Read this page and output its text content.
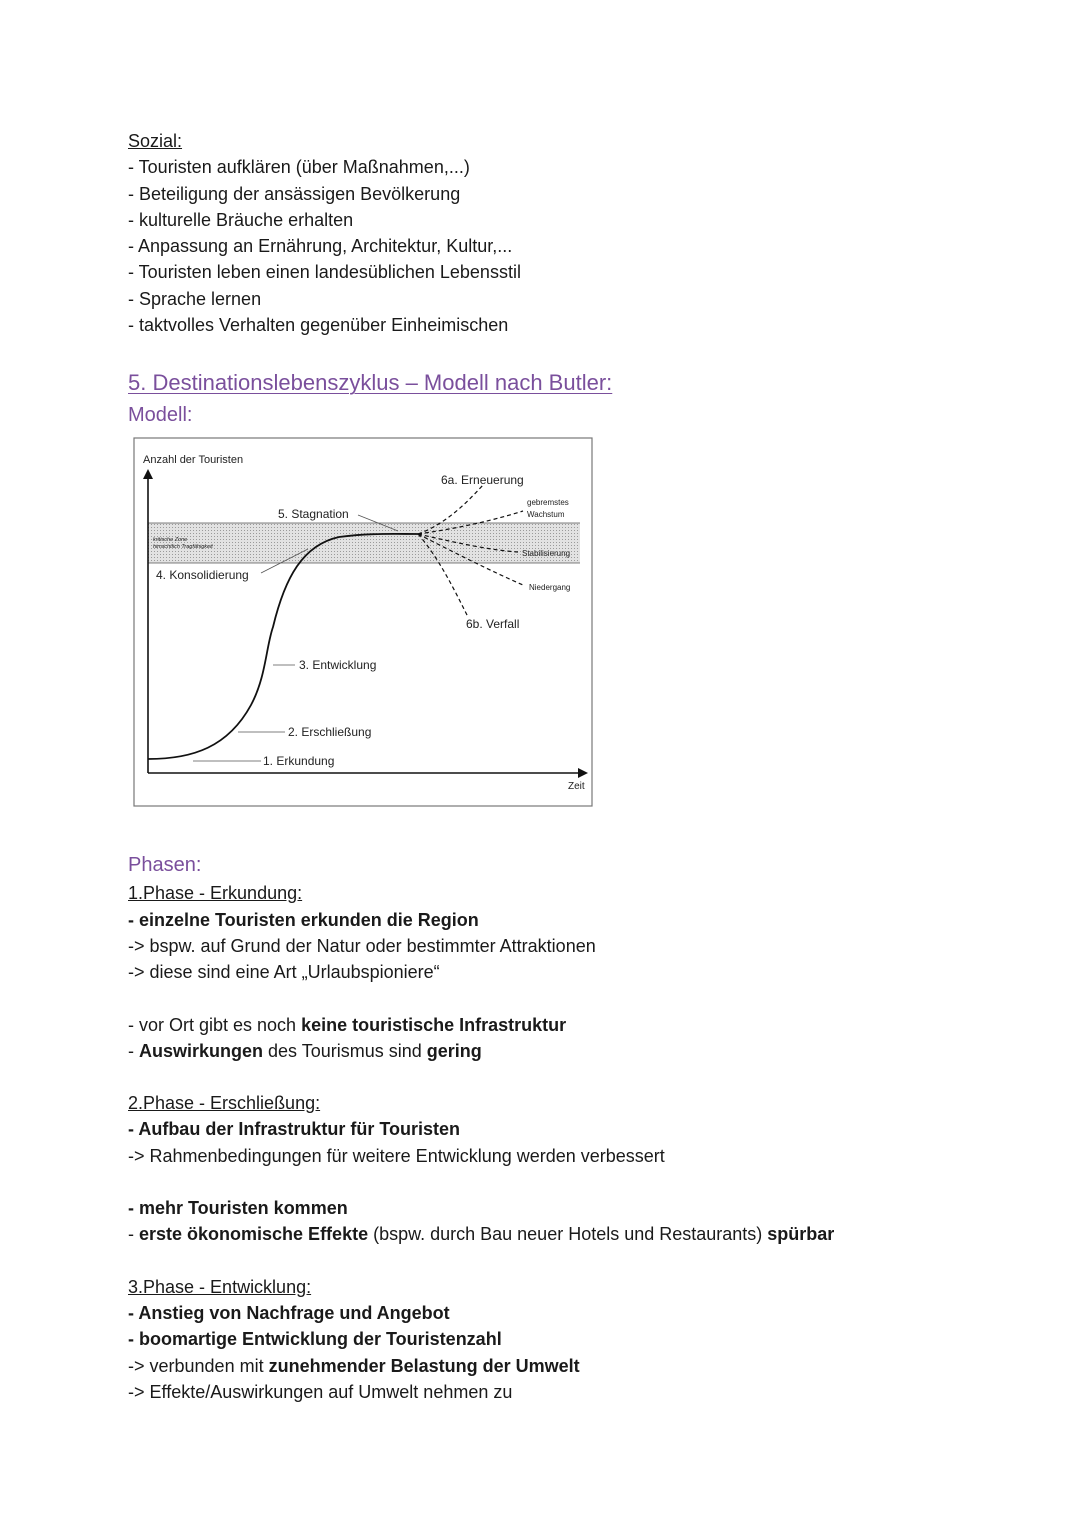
Sozial:
- Touristen aufklären (über Maßnahmen,...)
- Beteiligung der ansässigen Bevölkerung
- kulturelle Bräuche erhalten
- Anpassung an Ernährung, Architektur, Kultur,...
- Touristen leben einen landesüblichen Lebensstil
- Sprache lernen
- taktvolles Verhalten gegenüber Einheimischen
5. Destinationslebenszyklus – Modell nach Butler:
Modell:
Phasen:
1.Phase - Erkundung:
- einzelne Touristen erkunden die Region
-> bspw. auf Grund der Natur oder bestimmter Attraktionen
-> diese sind eine Art „Urlaubspioniere“
- vor Ort gibt es noch keine touristische Infrastruktur
- Auswirkungen des Tourismus sind gering
2.Phase - Erschließung:
- Aufbau der Infrastruktur für Touristen
-> Rahmenbedingungen für weitere Entwicklung werden verbessert
- mehr Touristen kommen
- erste ökonomische Effekte (bspw. durch Bau neuer Hotels und Restaurants) spürbar
3.Phase - Entwicklung:
- Anstieg von Nachfrage und Angebot
- boomartige Entwicklung der Touristenzahl
-> verbunden mit zunehmender Belastung der Umwelt
-> Effekte/Auswirkungen auf Umwelt nehmen zu
Anzahl der Touristen
Zeit
kritische Zone
hinsichtlich Tragfähigkeit
1. Erkundung
2. Erschließung
3. Entwicklung
4. Konsolidierung
5. Stagnation
6a. Erneuerung
6b. Verfall
gebremstes
Wachstum
Stabilisierung
Niedergang
